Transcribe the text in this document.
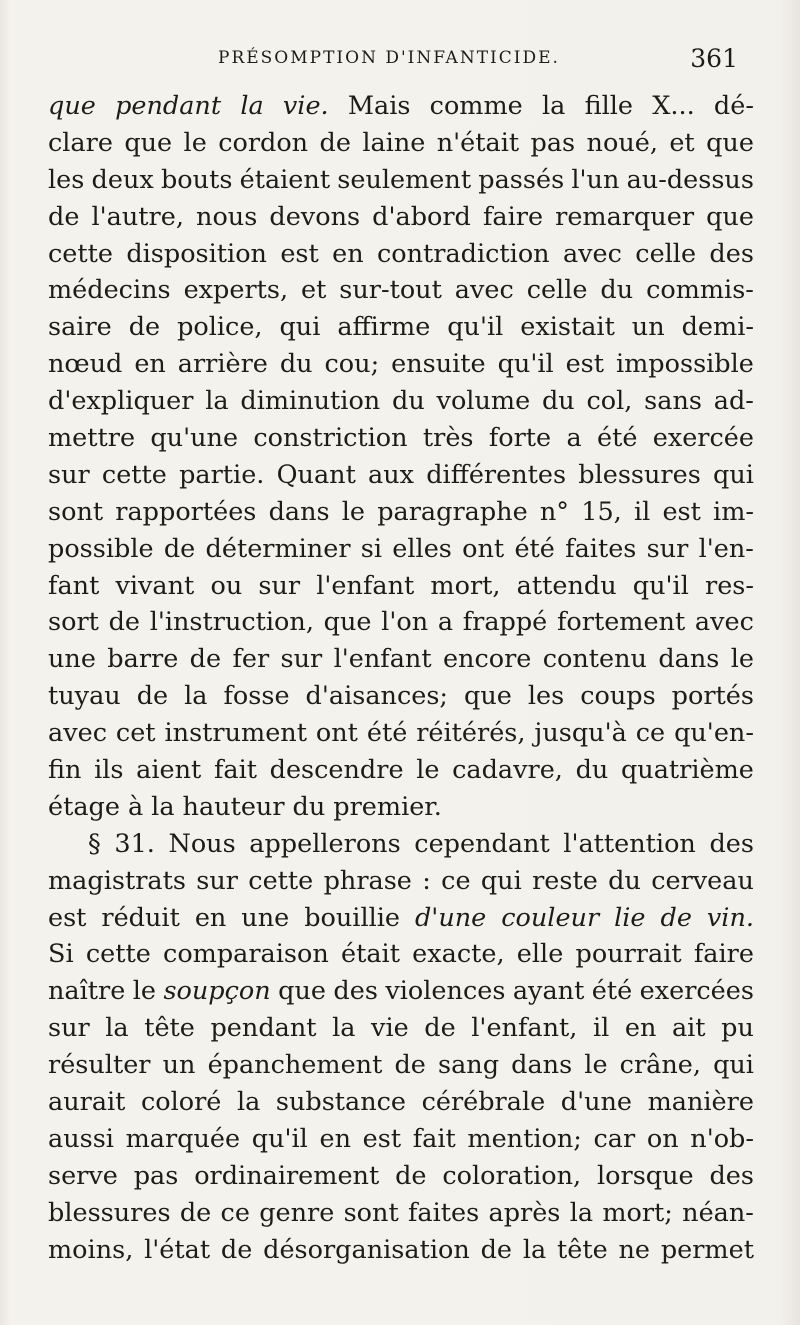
PRÉSOMPTION D'INFANTICIDE.	361
que pendant la vie. Mais comme la fille X... dé-
clare que le cordon de laine n'était pas noué, et que
les deux bouts étaient seulement passés l'un au-dessus
de l'autre, nous devons d'abord faire remarquer que
cette disposition est en contradiction avec celle des
médecins experts, et sur-tout avec celle du commis-
saire de police, qui affirme qu'il existait un demi-
nœud en arrière du cou; ensuite qu'il est impossible
d'expliquer la diminution du volume du col, sans ad-
mettre qu'une constriction très forte a été exercée
sur cette partie. Quant aux différentes blessures qui
sont rapportées dans le paragraphe n° 15, il est im-
possible de déterminer si elles ont été faites sur l'en-
fant vivant ou sur l'enfant mort, attendu qu'il res-
sort de l'instruction, que l'on a frappé fortement avec
une barre de fer sur l'enfant encore contenu dans le
tuyau de la fosse d'aisances; que les coups portés
avec cet instrument ont été réitérés, jusqu'à ce qu'en-
fin ils aient fait descendre le cadavre, du quatrième
étage à la hauteur du premier.
§ 31. Nous appellerons cependant l'attention des
magistrats sur cette phrase : ce qui reste du cerveau
est réduit en une bouillie d'une couleur lie de vin.
Si cette comparaison était exacte, elle pourrait faire
naître le soupçon que des violences ayant été exercées
sur la tête pendant la vie de l'enfant, il en ait pu
résulter un épanchement de sang dans le crâne, qui
aurait coloré la substance cérébrale d'une manière
aussi marquée qu'il en est fait mention; car on n'ob-
serve pas ordinairement de coloration, lorsque des
blessures de ce genre sont faites après la mort; néan-
moins, l'état de désorganisation de la tête ne permet
